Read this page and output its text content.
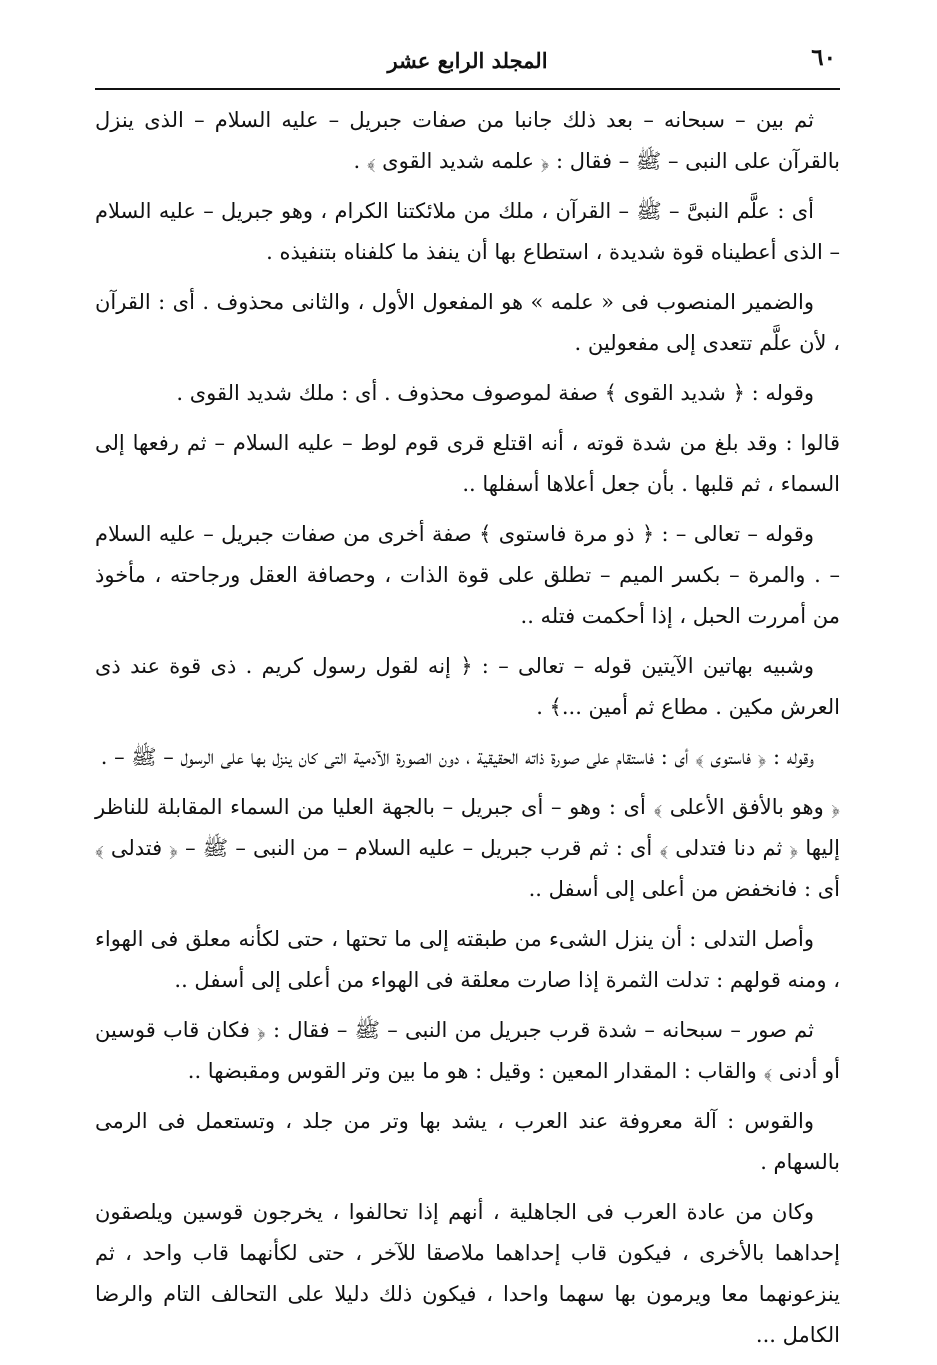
المجلد الرابع عشر	٦٠

ثم بين – سبحانه – بعد ذلك جانبا من صفات جبريل – عليه السلام – الذى ينزل بالقرآن على النبى – ﷺ – فقال : ﴿ علمه شديد القوى ﴾ .

أى : علَّم النبىَّ – ﷺ – القرآن ، ملك من ملائكتنا الكرام ، وهو جبريل – عليه السلام – الذى أعطيناه قوة شديدة ، استطاع بها أن ينفذ ما كلفناه بتنفيذه .

والضمير المنصوب فى « علمه » هو المفعول الأول ، والثانى محذوف . أى : القرآن ، لأن علَّم تتعدى إلى مفعولين .

وقوله : ﴿ شديد القوى ﴾ صفة لموصوف محذوف . أى : ملك شديد القوى .

قالوا : وقد بلغ من شدة قوته ، أنه اقتلع قرى قوم لوط – عليه السلام – ثم رفعها إلى السماء ، ثم قلبها . بأن جعل أعلاها أسفلها ..

وقوله – تعالى – : ﴿ ذو مرة فاستوى ﴾ صفة أخرى من صفات جبريل – عليه السلام – . والمرة – بكسر الميم – تطلق على قوة الذات ، وحصافة العقل ورجاحته ، مأخوذ من أمررت الحبل ، إذا أحكمت فتله ..

وشبيه بهاتين الآيتين قوله – تعالى – : ﴿ إنه لقول رسول كريم . ذى قوة عند ذى العرش مكين . مطاع ثم أمين ...﴾ .

وقوله : ﴿ فاستوى ﴾ أى : فاستقام على صورة ذاته الحقيقية ، دون الصورة الآدمية التى كان ينزل بها على الرسول – ﷺ – .

﴿ وهو بالأفق الأعلى ﴾ أى : وهو – أى جبريل – بالجهة العليا من السماء المقابلة للناظر إليها ﴿ ثم دنا فتدلى ﴾ أى : ثم قرب جبريل – عليه السلام – من النبى – ﷺ – ﴿ فتدلى ﴾ أى : فانخفض من أعلى إلى أسفل ..

وأصل التدلى : أن ينزل الشىء من طبقته إلى ما تحتها ، حتى لكأنه معلق فى الهواء ، ومنه قولهم : تدلت الثمرة إذا صارت معلقة فى الهواء من أعلى إلى أسفل ..

ثم صور – سبحانه – شدة قرب جبريل من النبى – ﷺ – فقال : ﴿ فكان قاب قوسين أو أدنى ﴾ والقاب : المقدار المعين : وقيل : هو ما بين وتر القوس ومقبضها ..

والقوس : آلة معروفة عند العرب ، يشد بها وتر من جلد ، وتستعمل فى الرمى بالسهام .

وكان من عادة العرب فى الجاهلية ، أنهم إذا تحالفوا ، يخرجون قوسين ويلصقون إحداهما بالأخرى ، فيكون قاب إحداهما ملاصقا للآخر ، حتى لكأنهما قاب واحد ، ثم ينزعونهما معا ويرمون بها سهما واحدا ، فيكون ذلك دليلا على التحالف التام والرضا الكامل ...
